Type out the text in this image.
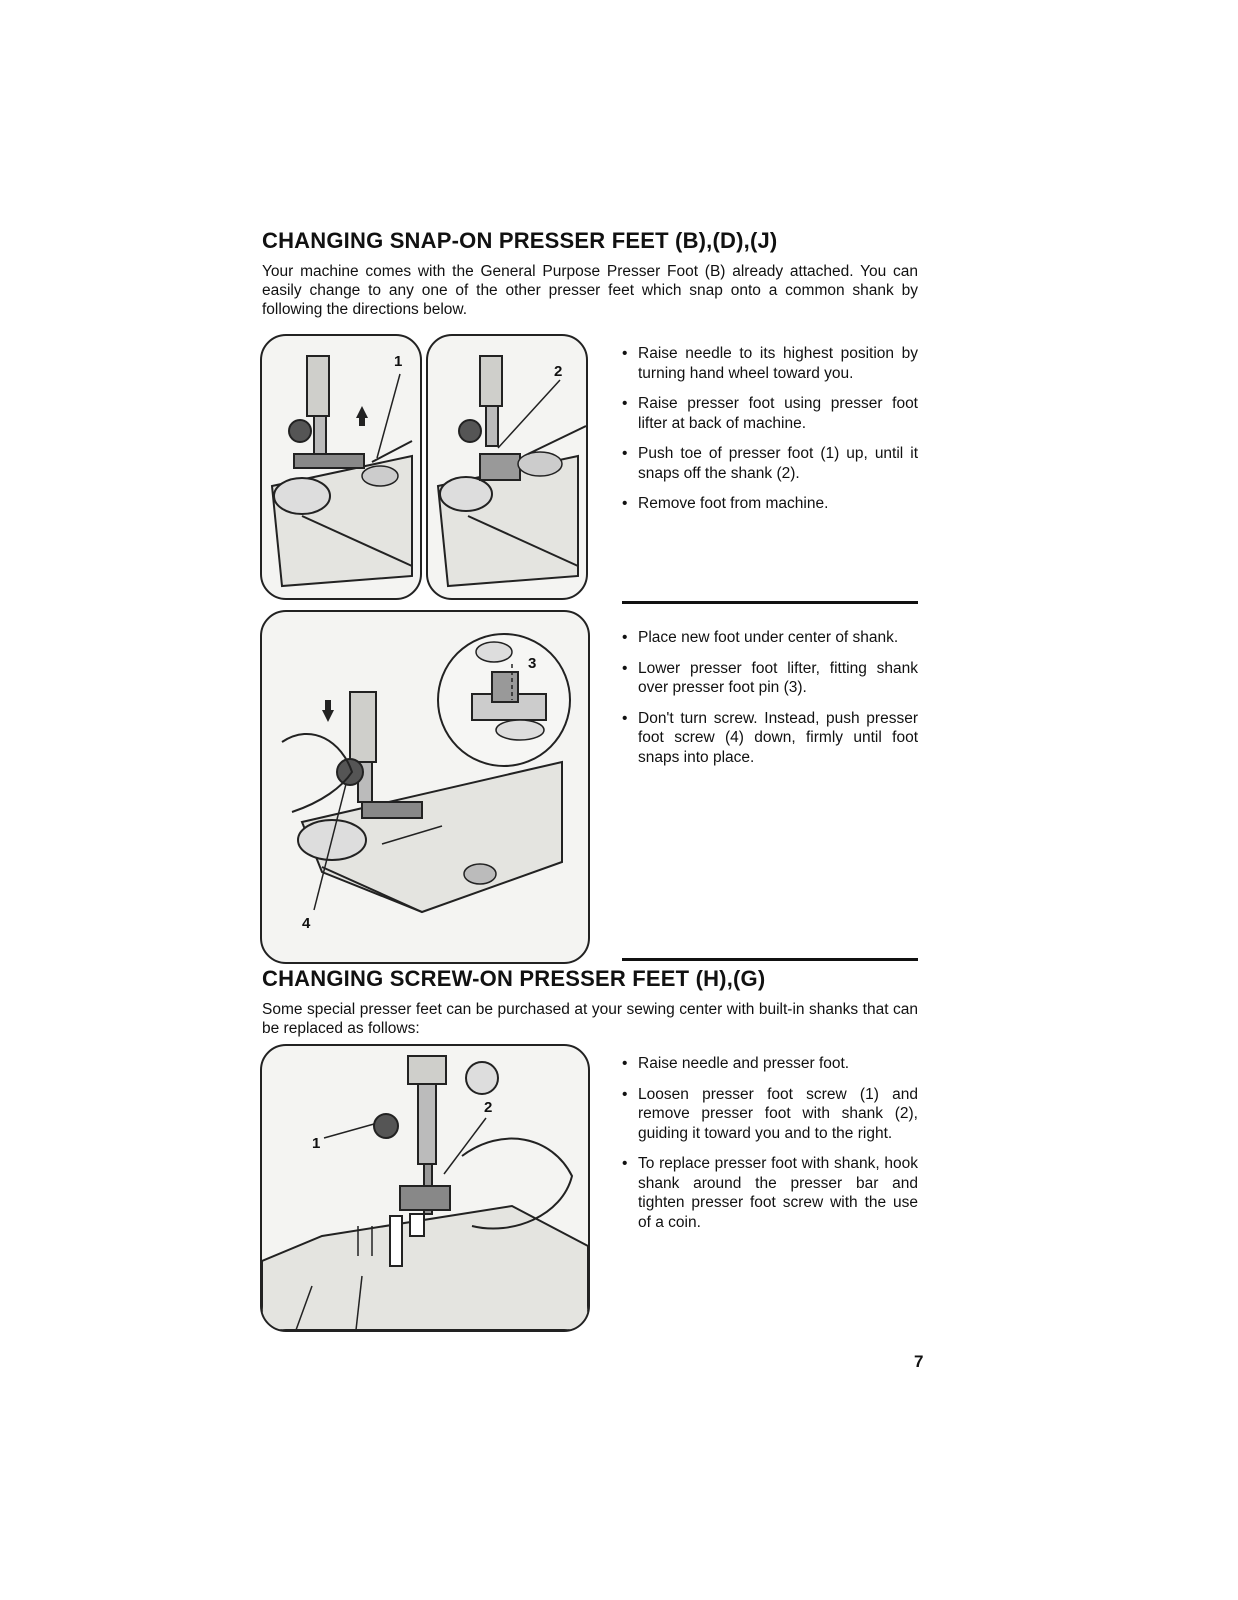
CHANGING SNAP-ON PRESSER FEET (B),(D),(J)

Your machine comes with the General Purpose Presser Foot (B) already attached. You can easily change to any one of the other presser feet which snap onto a common shank by following the directions below.

1
2
• Raise needle to its highest position by turning hand wheel toward you.
• Raise presser foot using presser foot lifter at back of machine.
• Push toe of presser foot (1) up, until it snaps off the shank (2).
• Remove foot from machine.
3
4
• Place new foot under center of shank.
• Lower presser foot lifter, fitting shank over presser foot pin (3).
• Don't turn screw. Instead, push presser foot screw (4) down, firmly until foot snaps into place.
CHANGING SCREW-ON PRESSER FEET (H),(G)

Some special presser feet can be purchased at your sewing center with built-in shanks that can be replaced as follows:

1
2
• Raise needle and presser foot.
• Loosen presser foot screw (1) and remove presser foot with shank (2), guiding it toward you and to the right.
• To replace presser foot with shank, hook shank around the presser bar and tighten presser foot screw with the use of a coin.
7
